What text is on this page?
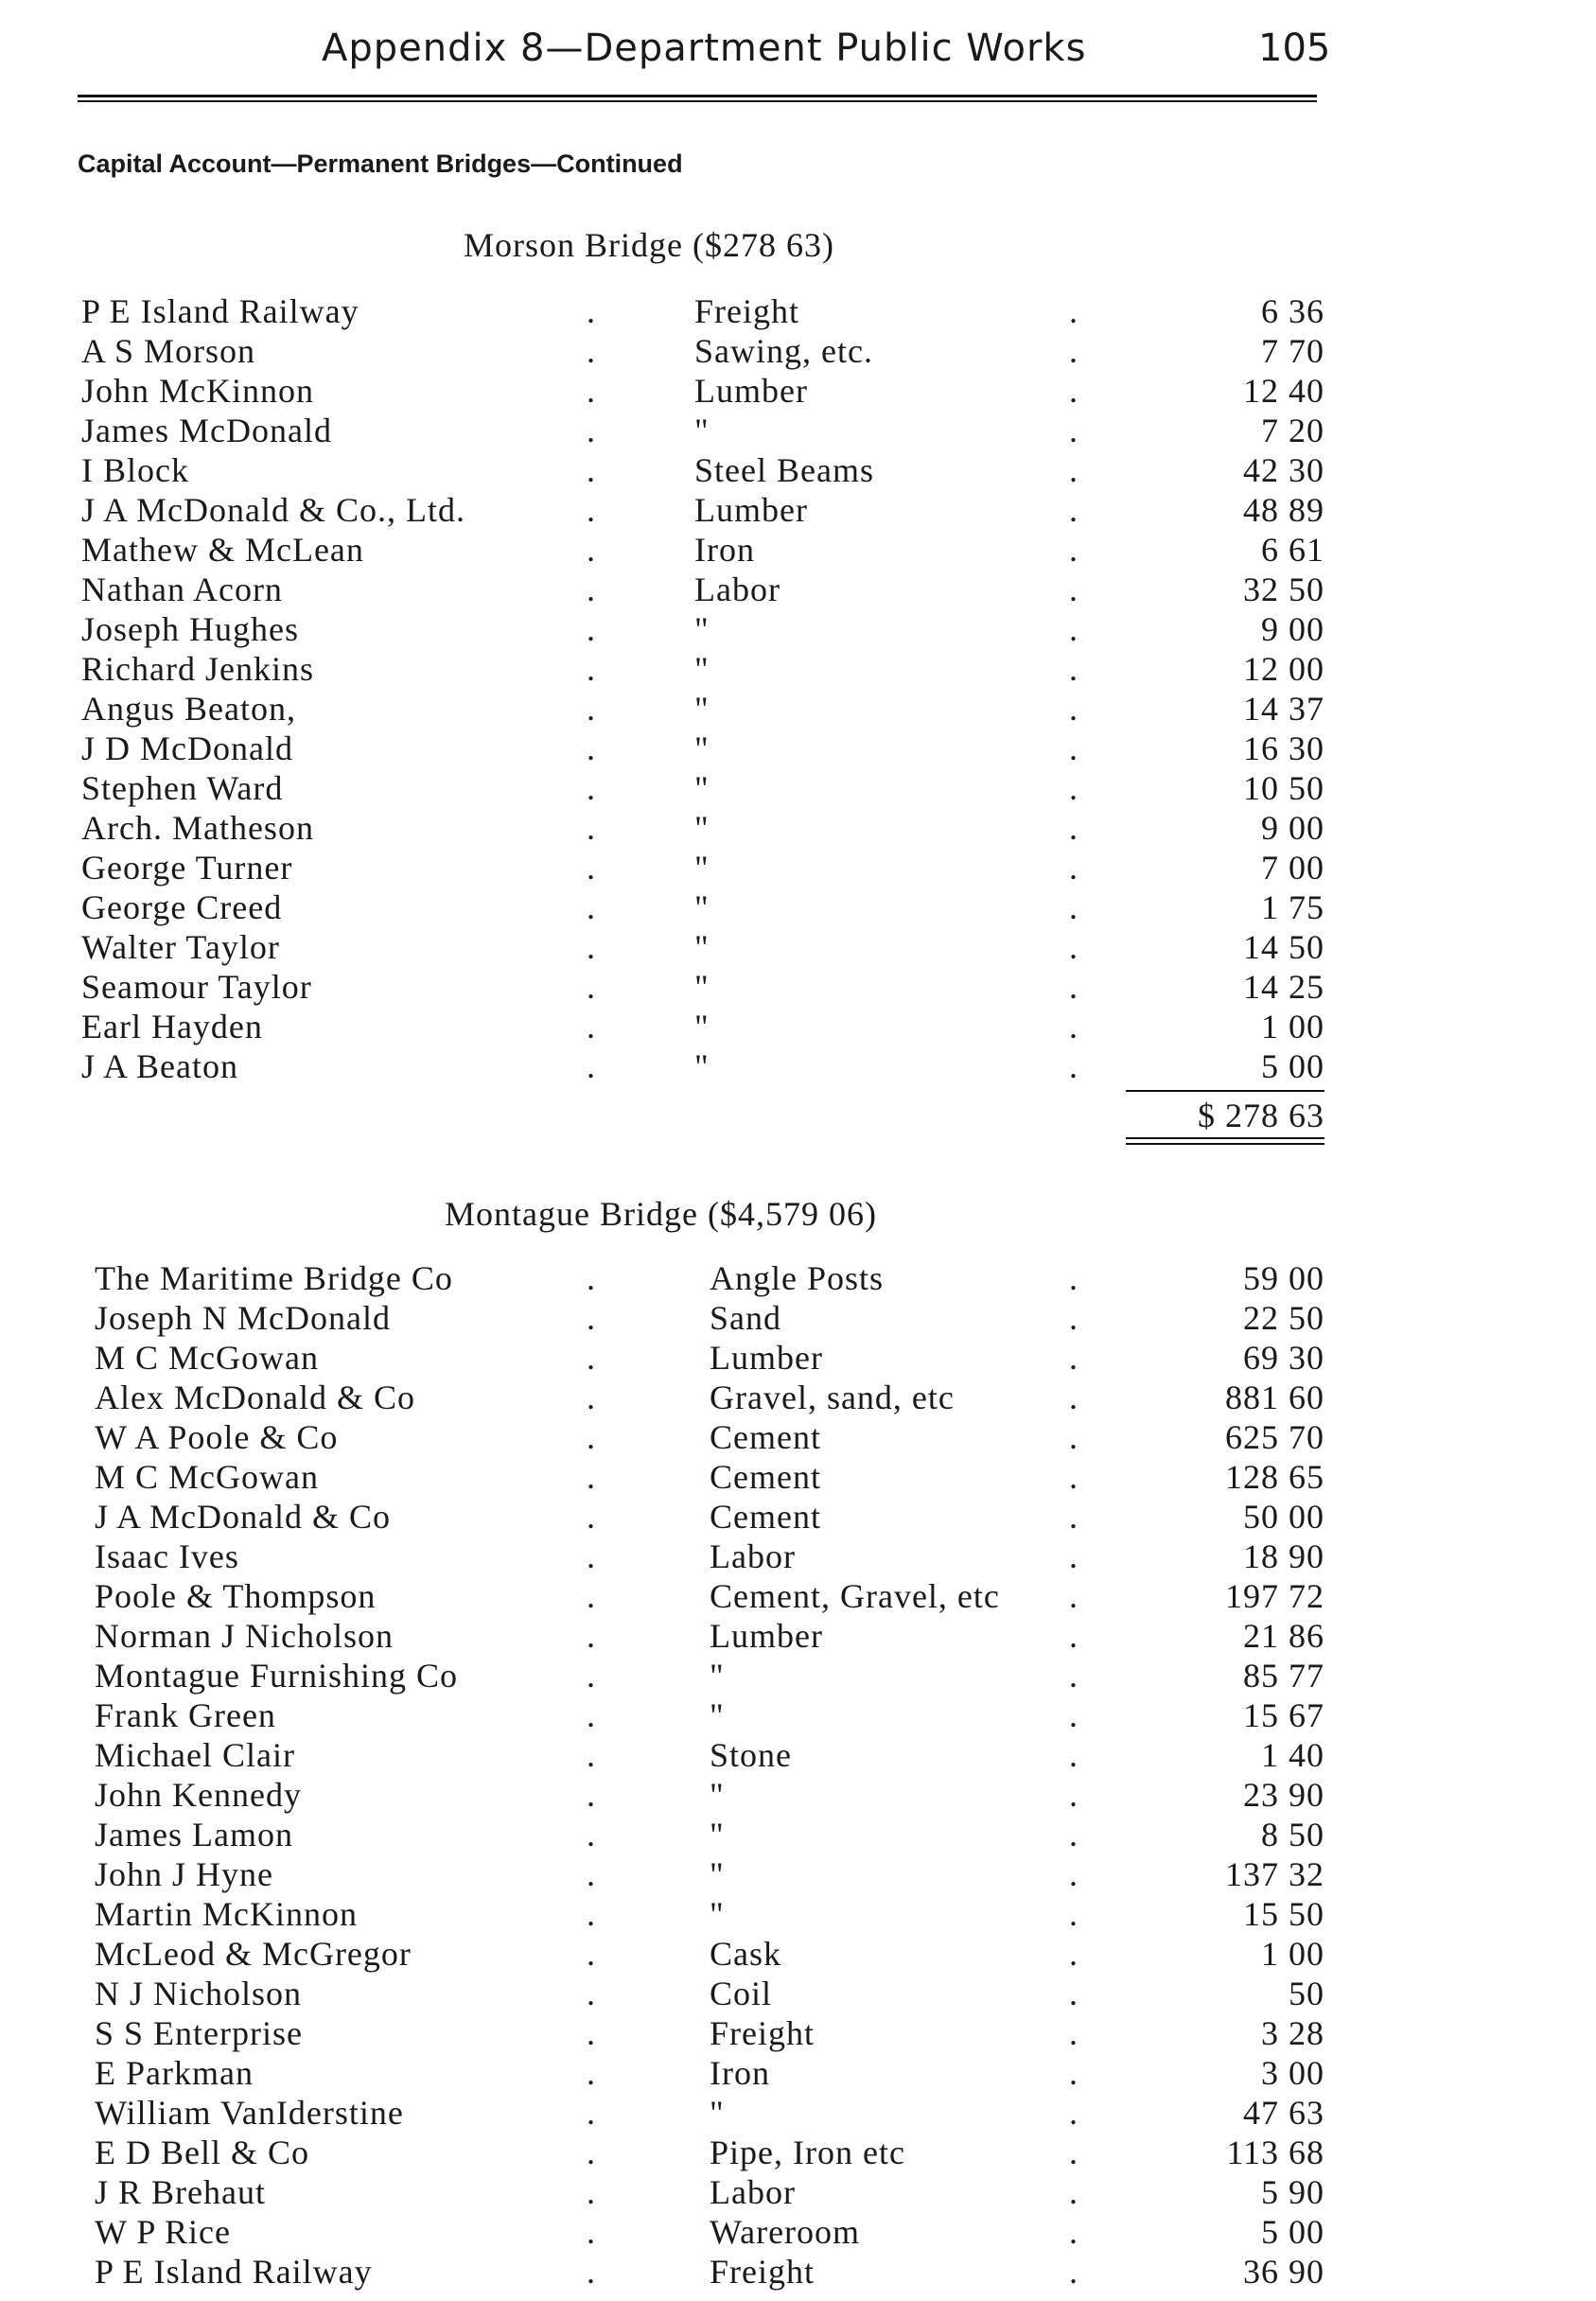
Appendix 8—Department Public Works	105
Capital Account—Permanent Bridges—Continued
Morson Bridge ($278 63)
P E Island Railway	.	Freight	.	6 36
A S Morson	.	Sawing, etc.	.	7 70
John McKinnon	.	Lumber	.	12 40
James McDonald	.	"	.	7 20
I Block	.	Steel Beams	.	42 30
J A McDonald & Co., Ltd.	.	Lumber	.	48 89
Mathew & McLean	.	Iron	.	6 61
Nathan Acorn	.	Labor	.	32 50
Joseph Hughes	.	"	.	9 00
Richard Jenkins	.	"	.	12 00
Angus Beaton,	.	"	.	14 37
J D McDonald	.	"	.	16 30
Stephen Ward	.	"	.	10 50
Arch. Matheson	.	"	.	9 00
George Turner	.	"	.	7 00
George Creed	.	"	.	1 75
Walter Taylor	.	"	.	14 50
Seamour Taylor	.	"	.	14 25
Earl Hayden	.	"	.	1 00
J A Beaton	.	"	.	5 00
$ 278 63
Montague Bridge ($4,579 06)
The Maritime Bridge Co	.	Angle Posts	.	59 00
Joseph N McDonald	.	Sand	.	22 50
M C McGowan	.	Lumber	.	69 30
Alex McDonald & Co	.	Gravel, sand, etc	.	881 60
W A Poole & Co	.	Cement	.	625 70
M C McGowan	.	Cement	.	128 65
J A McDonald & Co	.	Cement	.	50 00
Isaac Ives	.	Labor	.	18 90
Poole & Thompson	.	Cement, Gravel, etc .	197 72
Norman J Nicholson	.	Lumber	.	21 86
Montague Furnishing Co	.	"	.	85 77
Frank Green	.	"	.	15 67
Michael Clair	.	Stone	.	1 40
John Kennedy	.	"	.	23 90
James Lamon	.	"	.	8 50
John J Hyne	.	"	.	137 32
Martin McKinnon	.	"	.	15 50
McLeod & McGregor	.	Cask	.	1 00
N J Nicholson	.	Coil	.	50
S S Enterprise	.	Freight	.	3 28
E Parkman	.	Iron	.	3 00
William VanIderstine	.	"	.	47 63
E D Bell & Co	.	Pipe, Iron etc	.	113 68
J R Brehaut	.	Labor	.	5 90
W P Rice	.	Wareroom	.	5 00
P E Island Railway	.	Freight	.	36 90
